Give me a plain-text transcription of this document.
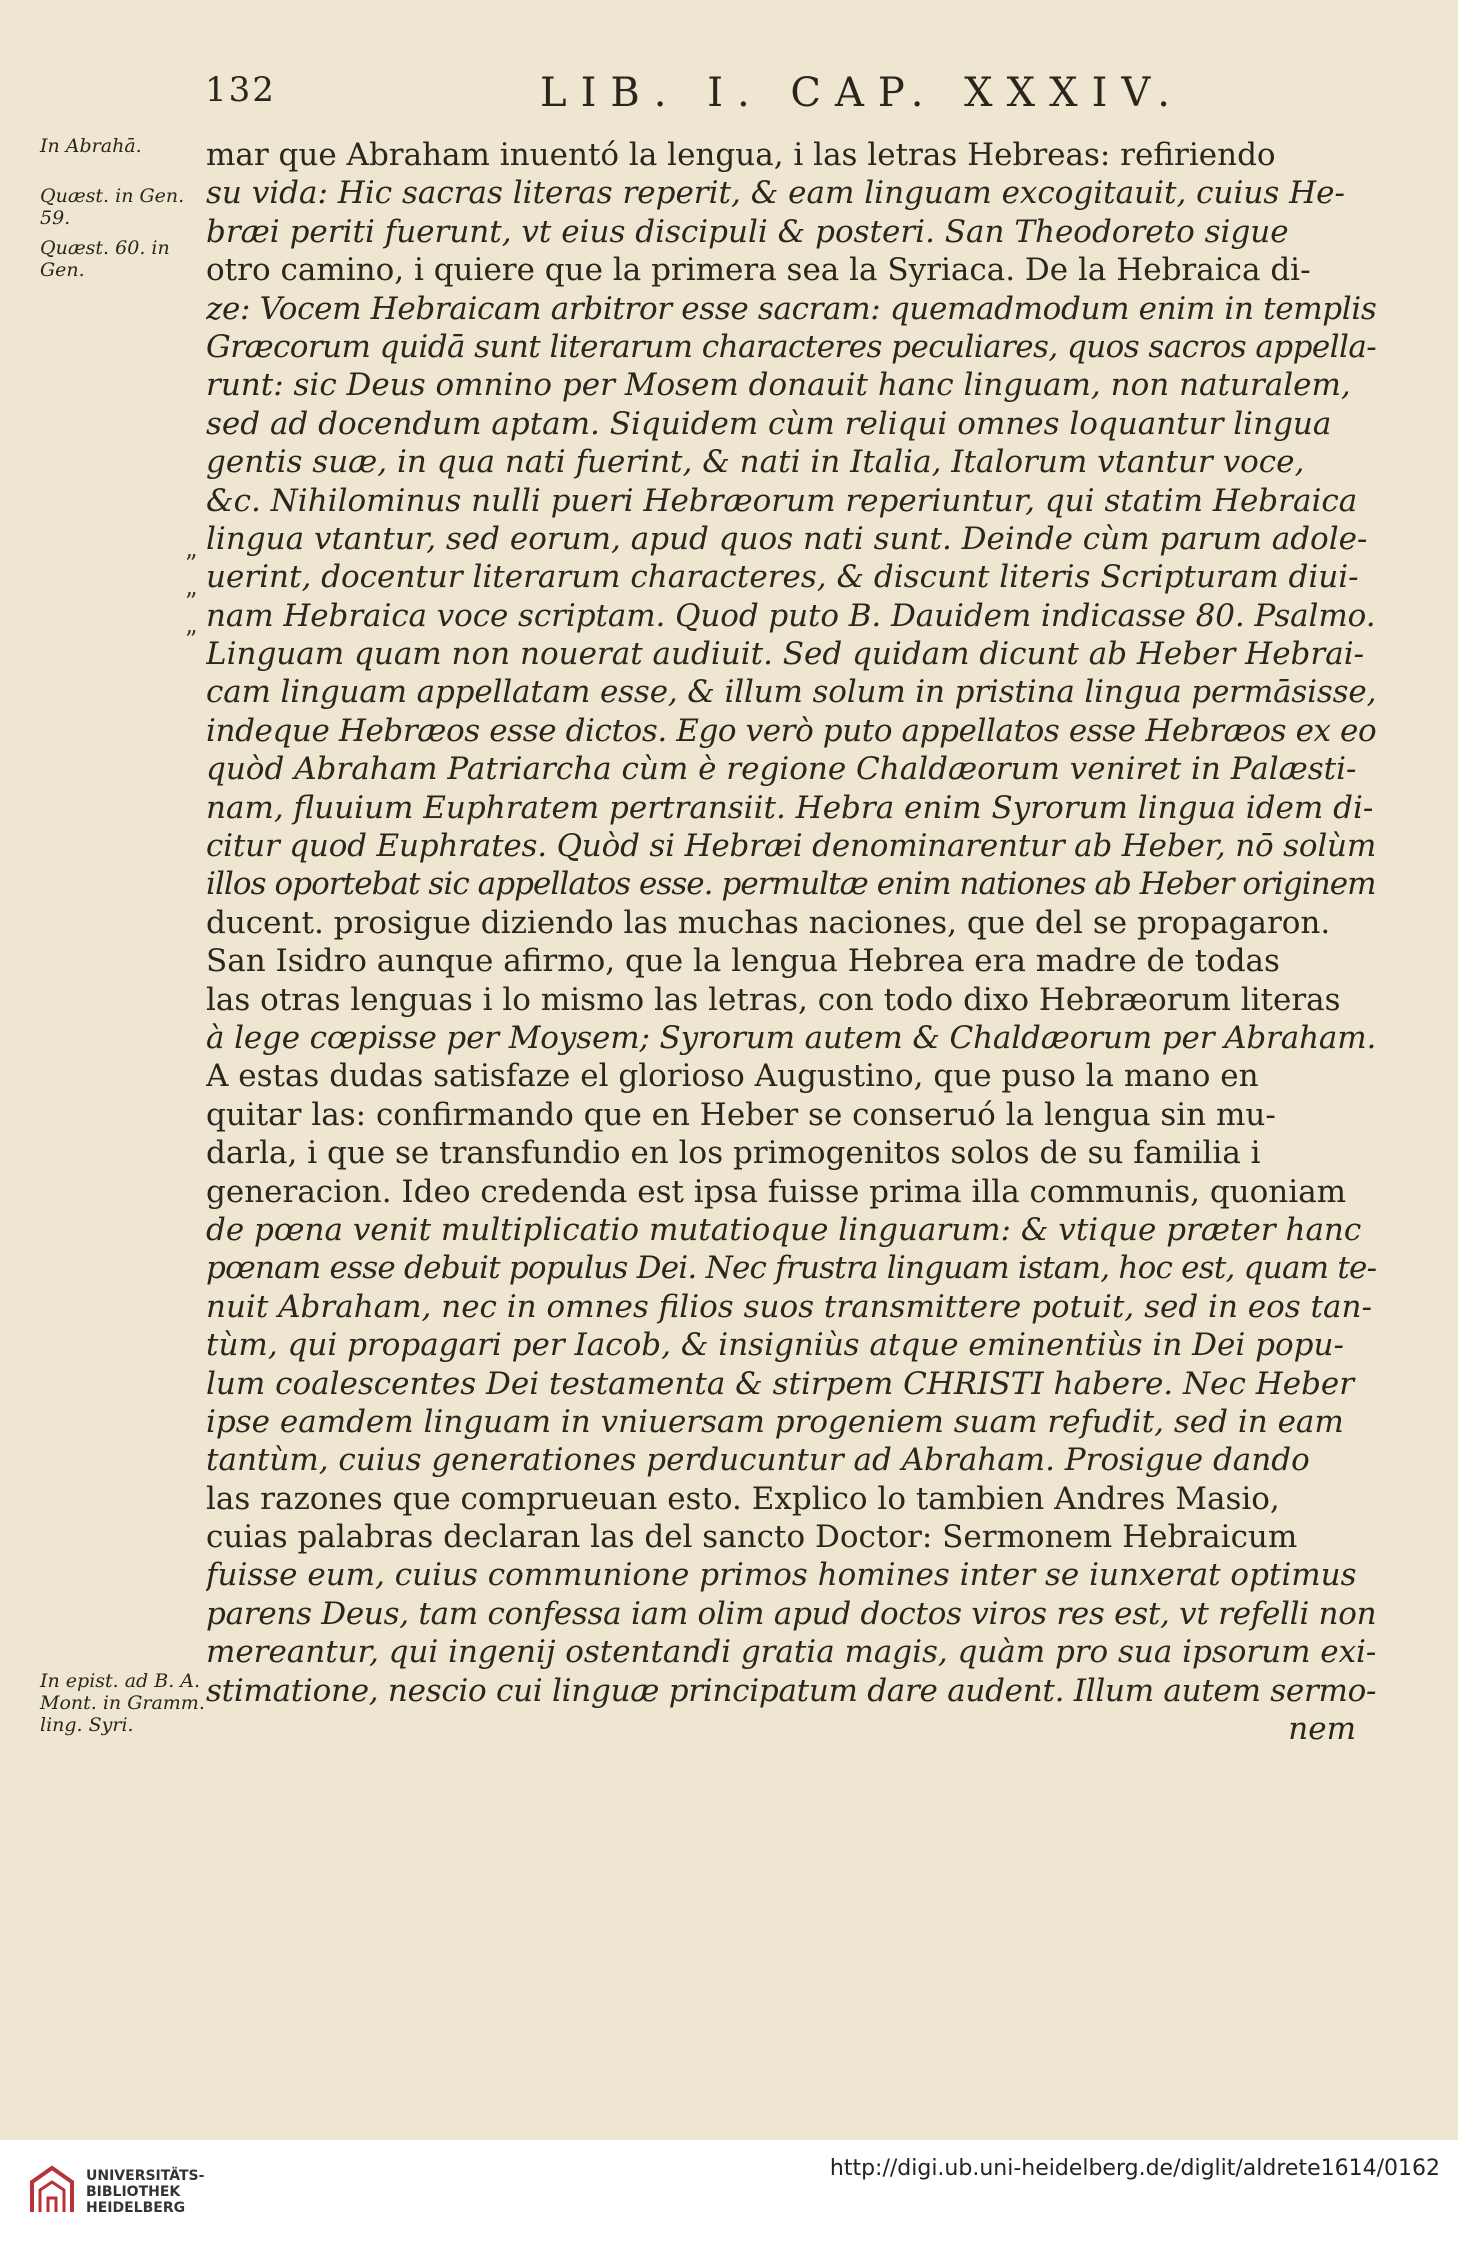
132	LIB. I. CAP. XXXIV.
In Abrahā.
Quæst. in Gen. 59.
Quæst. 60. in Gen.
In epist. ad B. A. Mont. in Gramm. ling. Syri.
”
”
”
mar que Abraham inuentó la lengua, i las letras Hebreas: refiriendo
su vida: Hic sacras literas reperit, & eam linguam excogitauit, cuius He-
bræi periti fuerunt, vt eius discipuli & posteri. San Theodoreto sigue
otro camino, i quiere que la primera sea la Syriaca. De la Hebraica di-
ze: Vocem Hebraicam arbitror esse sacram: quemadmodum enim in templis
Græcorum quidā sunt literarum characteres peculiares, quos sacros appella-
runt: sic Deus omnino per Mosem donauit hanc linguam, non naturalem,
sed ad docendum aptam. Siquidem cùm reliqui omnes loquantur lingua
gentis suæ, in qua nati fuerint, & nati in Italia, Italorum vtantur voce,
&c. Nihilominus nulli pueri Hebræorum reperiuntur, qui statim Hebraica
lingua vtantur, sed eorum, apud quos nati sunt. Deinde cùm parum adole-
uerint, docentur literarum characteres, & discunt literis Scripturam diui-
nam Hebraica voce scriptam. Quod puto B. Dauidem indicasse 80. Psalmo.
Linguam quam non nouerat audiuit. Sed quidam dicunt ab Heber Hebrai-
cam linguam appellatam esse, & illum solum in pristina lingua permāsisse,
indeque Hebræos esse dictos. Ego verò puto appellatos esse Hebræos ex eo
quòd Abraham Patriarcha cùm è regione Chaldæorum veniret in Palæsti-
nam, fluuium Euphratem pertransiit. Hebra enim Syrorum lingua idem di-
citur quod Euphrates. Quòd si Hebræi denominarentur ab Heber, nō solùm
illos oportebat sic appellatos esse. permultæ enim nationes ab Heber originem
ducent. prosigue diziendo las muchas naciones, que del se propagaron.
San Isidro aunque afirmo, que la lengua Hebrea era madre de todas
las otras lenguas i lo mismo las letras, con todo dixo Hebræorum literas
à lege cœpisse per Moysem; Syrorum autem & Chaldæorum per Abraham.
A estas dudas satisfaze el glorioso Augustino, que puso la mano en
quitar las: confirmando que en Heber se conseruó la lengua sin mu-
darla, i que se transfundio en los primogenitos solos de su familia i
generacion. Ideo credenda est ipsa fuisse prima illa communis, quoniam
de pœna venit multiplicatio mutatioque linguarum: & vtique præter hanc
pœnam esse debuit populus Dei. Nec frustra linguam istam, hoc est, quam te-
nuit Abraham, nec in omnes filios suos transmittere potuit, sed in eos tan-
tùm, qui propagari per Iacob, & insigniùs atque eminentiùs in Dei popu-
lum coalescentes Dei testamenta & stirpem CHRISTI habere. Nec Heber
ipse eamdem linguam in vniuersam progeniem suam refudit, sed in eam
tantùm, cuius generationes perducuntur ad Abraham. Prosigue dando
las razones que comprueuan esto. Explico lo tambien Andres Masio,
cuias palabras declaran las del sancto Doctor: Sermonem Hebraicum
fuisse eum, cuius communione primos homines inter se iunxerat optimus
parens Deus, tam confessa iam olim apud doctos viros res est, vt refelli non
mereantur, qui ingenij ostentandi gratia magis, quàm pro sua ipsorum exi-
stimatione, nescio cui linguæ principatum dare audent. Illum autem sermo-
nem
UNIVERSITÄTS-
BIBLIOTHEK
HEIDELBERG
http://digi.ub.uni-heidelberg.de/diglit/aldrete1614/0162
